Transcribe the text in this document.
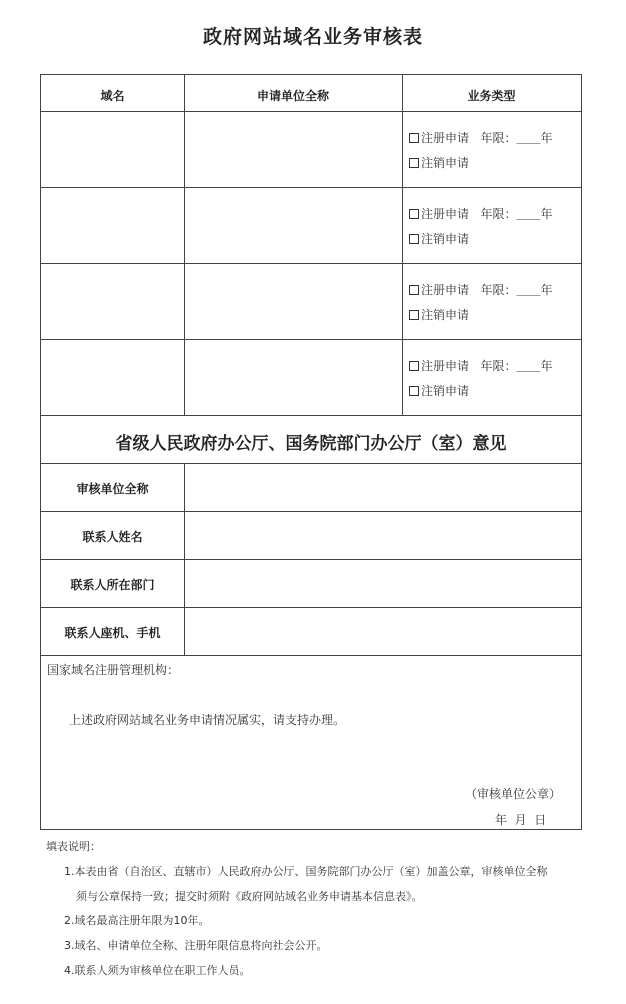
政府网站域名业务审核表
域名	申请单位全称	业务类型
注册申请 年限：＿＿年
注销申请
注册申请 年限：＿＿年
注销申请
注册申请 年限：＿＿年
注销申请
注册申请 年限：＿＿年
注销申请
省级人民政府办公厅、国务院部门办公厅（室）意见
审核单位全称
联系人姓名
联系人所在部门
联系人座机、手机
国家域名注册管理机构：
上述政府网站域名业务申请情况属实，请支持办理。
（审核单位公章）
年  月  日
填表说明：
1.本表由省（自治区、直辖市）人民政府办公厅、国务院部门办公厅（室）加盖公章，审核单位全称
须与公章保持一致；提交时须附《政府网站域名业务申请基本信息表》。
2.域名最高注册年限为10年。
3.域名、申请单位全称、注册年限信息将向社会公开。
4.联系人须为审核单位在职工作人员。
